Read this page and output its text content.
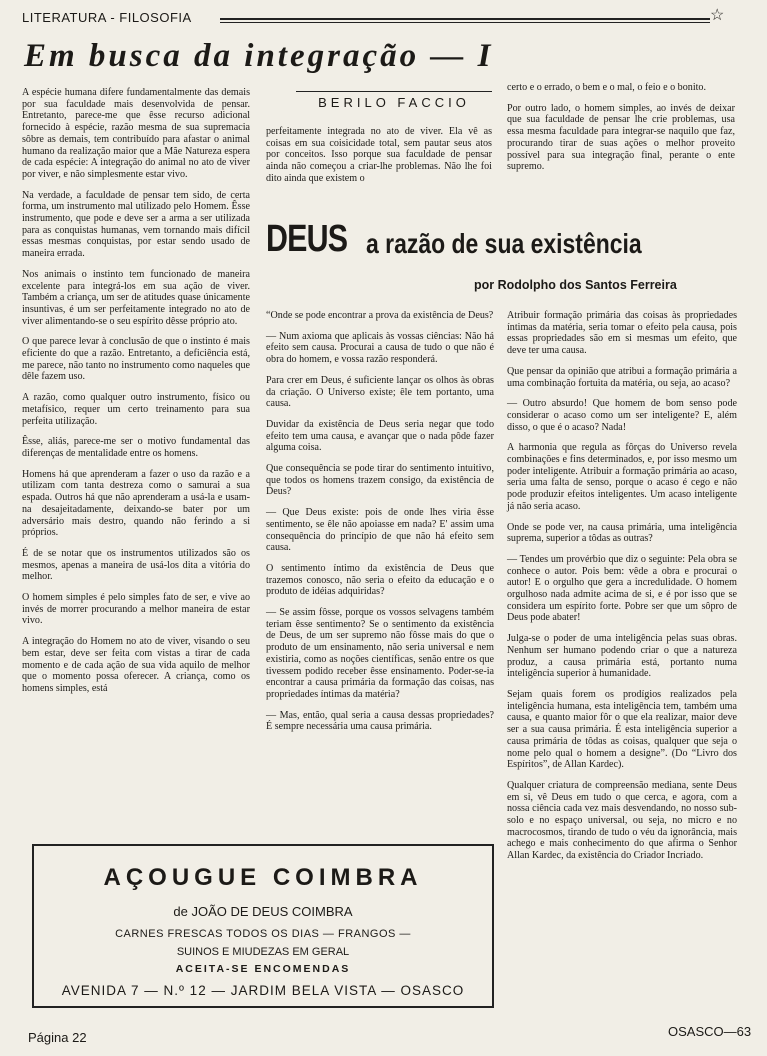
LITERATURA - FILOSOFIA	☆
Em busca da integração — I
BERILO FACCIO

A espécie humana difere fundamentalmente das demais por sua faculdade mais desenvolvida de pensar. Entretanto, parece-me que êsse recurso adicional fornecido à espécie, razão mesma de sua supremacia sôbre as demais, tem contribuído para afastar o animal humano da realização maior que a Mãe Natureza espera de cada espécie: A integração do animal no ato de viver por viver, e não simplesmente estar vivo.

Na verdade, a faculdade de pensar tem sido, de certa forma, um instrumento mal utilizado pelo Homem. Êsse instrumento, que pode e deve ser a arma a ser utilizada para as conquistas humanas, vem tornando mais difícil essas mesmas conquistas, por estar sendo usado de maneira errada.

Nos animais o instinto tem funcionado de maneira excelente para integrá-los em sua ação de viver. Também a criança, um ser de atitudes quase únicamente insuntivas, é um ser perfeitamente integrado no ato de viver alimentando-se o seu espírito dêsse próprio ato.

O que parece levar à conclusão de que o instinto é mais eficiente do que a razão. Entretanto, a deficiência está, me parece, não tanto no instrumento como naqueles que dêle fazem uso.

A razão, como qualquer outro instrumento, físico ou metafísico, requer um certo treinamento para sua perfeita utilização.

Êsse, aliás, parece-me ser o motivo fundamental das diferenças de mentalidade entre os homens.

Homens há que aprenderam a fazer o uso da razão e a utilizam com tanta destreza como o samurai a sua espada. Outros há que não aprenderam a usá-la e usam-na desajeitadamente, deixando-se bater por um adversário mais destro, quando não ferindo a si próprios.

É de se notar que os instrumentos utilizados são os mesmos, apenas a maneira de usá-los dita a vitória do melhor.

O homem simples é pelo simples fato de ser, e vive ao invés de morrer procurando a melhor maneira de estar vivo.

A integração do Homem no ato de viver, visando o seu bem estar, deve ser feita com vistas a tirar de cada momento e de cada ação de sua vida aquilo de melhor que o momento possa oferecer. A criança, como os homens simples, está

perfeitamente integrada no ato de viver. Ela vê as coisas em sua coisicidade total, sem pautar seus atos por conceitos. Isso porque sua faculdade de pensar ainda não começou a criar-lhe problemas. Não lhe foi dito ainda que existem o

certo e o errado, o bem e o mal, o feio e o bonito.

Por outro lado, o homem simples, ao invés de deixar que sua faculdade de pensar lhe crie problemas, usa essa mesma faculdade para integrar-se naquilo que faz, procurando tirar de suas ações o melhor proveito possível para sua integração final, perante o ente supremo.

DEUS a razão de sua existência
por Rodolpho dos Santos Ferreira

“Onde se pode encontrar a prova da existência de Deus?

— Num axioma que aplicais às vossas ciências: Não há efeito sem causa. Procurai a causa de tudo o que não é obra do homem, e vossa razão responderá.

Para crer em Deus, é suficiente lançar os olhos às obras da criação. O Universo existe; êle tem portanto, uma causa.

Duvidar da existência de Deus seria negar que todo efeito tem uma causa, e avançar que o nada pôde fazer alguma coisa.

Que consequência se pode tirar do sentimento intuitivo, que todos os homens trazem consigo, da existência de Deus?

— Que Deus existe: pois de onde lhes viria êsse sentimento, se êle não apoiasse em nada? E' assim uma consequência do princípio de que não há efeito sem causa.

O sentimento íntimo da existência de Deus que trazemos conosco, não seria o efeito da educação e o produto de idéias adquiridas?

— Se assim fôsse, porque os vossos selvagens também teriam êsse sentimento? Se o sentimento da existência de Deus, de um ser supremo não fôsse mais do que o produto de um ensinamento, não seria universal e nem existiria, como as noções científicas, senão entre os que tivessem podido receber êsse ensinamento. Poder-se-ia encontrar a causa primária da formação das coisas, nas propriedades íntimas da matéria?

— Mas, então, qual seria a causa dessas propriedades? É sempre necessária uma causa primária.

Atribuir formação primária das coisas às propriedades íntimas da matéria, seria tomar o efeito pela causa, pois essas propriedades são em si mesmas um efeito, que deve ter uma causa.

Que pensar da opinião que atribui a formação primária a uma combinação fortuita da matéria, ou seja, ao acaso?

— Outro absurdo! Que homem de bom senso pode considerar o acaso como um ser inteligente? E, além disso, o que é o acaso? Nada!

A harmonia que regula as fôrças do Universo revela combinações e fins determinados, e, por isso mesmo um poder inteligente. Atribuir a formação primária ao acaso, seria uma falta de senso, porque o acaso é cego e não pode produzir efeitos inteligentes. Um acaso inteligente já não seria acaso.

Onde se pode ver, na causa primária, uma inteligência suprema, superior a tôdas as outras?

— Tendes um provérbio que diz o seguinte: Pela obra se conhece o autor. Pois bem: vêde a obra e procurai o autor! E o orgulho que gera a incredulidade. O homem orgulhoso nada admite acima de si, e é por isso que se considera um espírito forte. Pobre ser que um sôpro de Deus pode abater!

Julga-se o poder de uma inteligência pelas suas obras. Nenhum ser humano podendo criar o que a natureza produz, a causa primária está, portanto numa inteligência superior à humanidade.

Sejam quais forem os prodígios realizados pela inteligência humana, esta inteligência tem, também uma causa, e quanto maior fôr o que ela realizar, maior deve ser a sua causa primária. É esta inteligência superior a causa primária de tôdas as coisas, qualquer que seja o nome pelo qual o homem a designe”. (Do “Livro dos Espíritos”, de Allan Kardec).

Qualquer criatura de compreensão mediana, sente Deus em si, vê Deus em tudo o que cerca, e agora, com a nossa ciência cada vez mais desvendando, no nosso sub-solo e no espaço universal, ou seja, no micro e no macrocosmos, tirando de tudo o véu da ignorância, mais achego e mais conhecimento do que afirma o Senhor Allan Kardec, da existência do Criador Incriado.

AÇOUGUE COIMBRA
de JOÃO DE DEUS COIMBRA
CARNES FRESCAS TODOS OS DIAS — FRANGOS —
SUINOS E MIUDEZAS EM GERAL
ACEITA-SE ENCOMENDAS
AVENIDA 7 — N.º 12 — JARDIM BELA VISTA — OSASCO
Página 22	OSASCO—63
